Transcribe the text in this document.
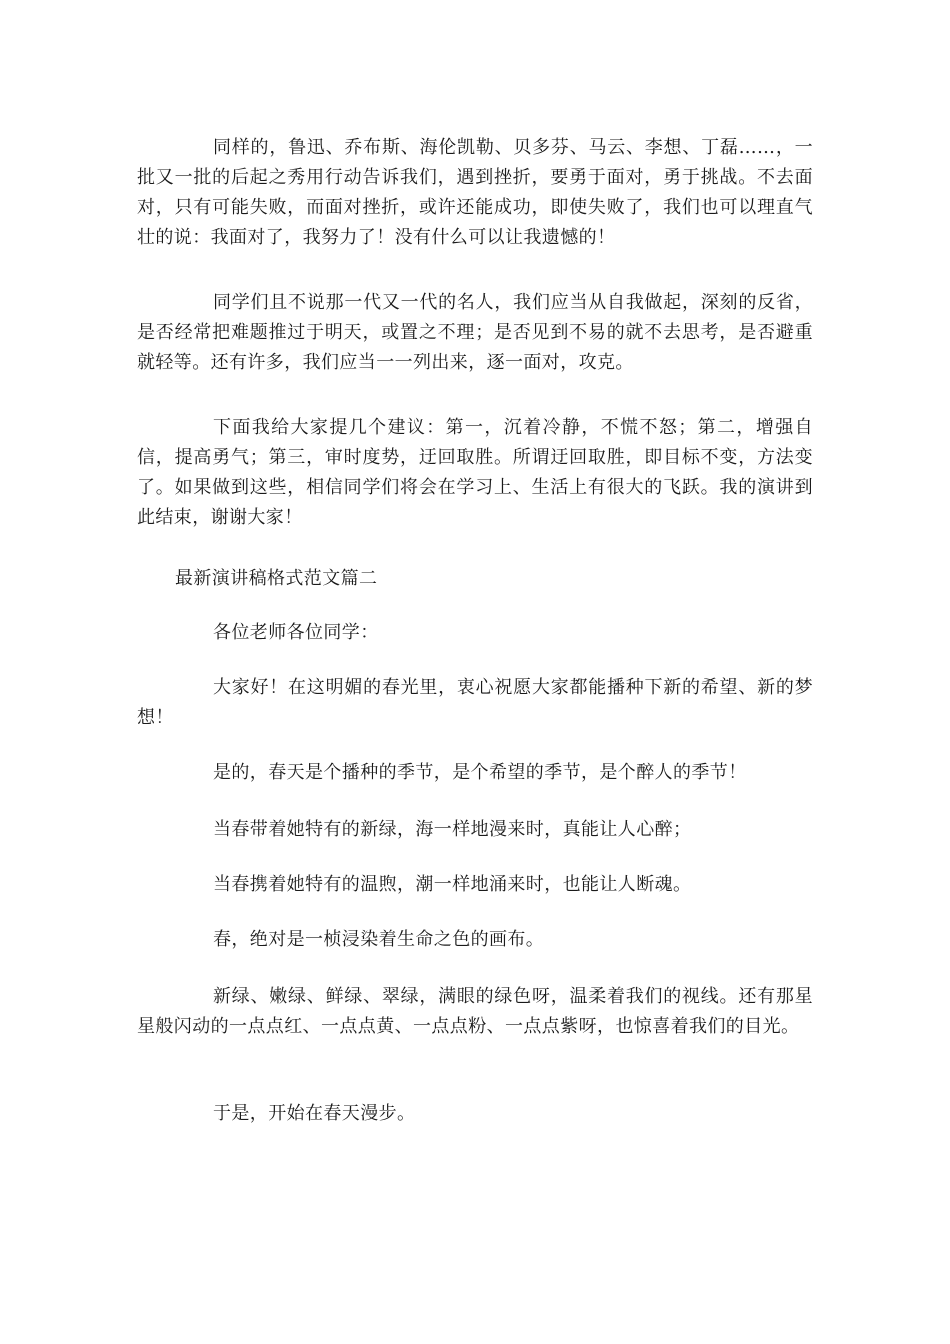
同样的，鲁迅、乔布斯、海伦凯勒、贝多芬、马云、李想、丁磊……，一批又一批的后起之秀用行动告诉我们，遇到挫折，要勇于面对，勇于挑战。不去面对，只有可能失败，而面对挫折，或许还能成功，即使失败了，我们也可以理直气壮的说：我面对了，我努力了！没有什么可以让我遗憾的！

同学们且不说那一代又一代的名人，我们应当从自我做起，深刻的反省，是否经常把难题推过于明天，或置之不理；是否见到不易的就不去思考，是否避重就轻等。还有许多，我们应当一一列出来，逐一面对，攻克。

下面我给大家提几个建议：第一，沉着冷静，不慌不怒；第二，增强自信，提高勇气；第三，审时度势，迂回取胜。所谓迂回取胜，即目标不变，方法变了。如果做到这些，相信同学们将会在学习上、生活上有很大的飞跃。我的演讲到此结束，谢谢大家！

最新演讲稿格式范文篇二

各位老师各位同学：

大家好！在这明媚的春光里，衷心祝愿大家都能播种下新的希望、新的梦想！

是的，春天是个播种的季节，是个希望的季节，是个醉人的季节！

当春带着她特有的新绿，海一样地漫来时，真能让人心醉；

当春携着她特有的温煦，潮一样地涌来时，也能让人断魂。

春，绝对是一桢浸染着生命之色的画布。

新绿、嫩绿、鲜绿、翠绿，满眼的绿色呀，温柔着我们的视线。还有那星星般闪动的一点点红、一点点黄、一点点粉、一点点紫呀，也惊喜着我们的目光。

于是，开始在春天漫步。
